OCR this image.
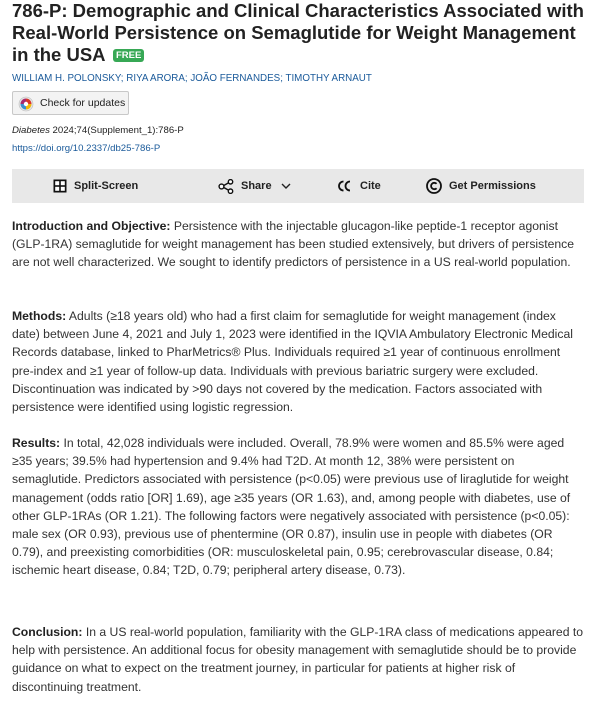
786-P: Demographic and Clinical Characteristics Associated with Real-World Persistence on Semaglutide for Weight Management in the USA FREE
WILLIAM H. POLONSKY; RIYA ARORA; JOÃO FERNANDES; TIMOTHY ARNAUT
Check for updates
Diabetes 2024;74(Supplement_1):786-P
https://doi.org/10.2337/db25-786-P
Split-Screen	Share	Cite	Get Permissions
Introduction and Objective: Persistence with the injectable glucagon-like peptide-1 receptor agonist (GLP-1RA) semaglutide for weight management has been studied extensively, but drivers of persistence are not well characterized. We sought to identify predictors of persistence in a US real-world population.
Methods: Adults (≥18 years old) who had a first claim for semaglutide for weight management (index date) between June 4, 2021 and July 1, 2023 were identified in the IQVIA Ambulatory Electronic Medical Records database, linked to PharMetrics® Plus. Individuals required ≥1 year of continuous enrollment pre-index and ≥1 year of follow-up data. Individuals with previous bariatric surgery were excluded. Discontinuation was indicated by >90 days not covered by the medication. Factors associated with persistence were identified using logistic regression.
Results: In total, 42,028 individuals were included. Overall, 78.9% were women and 85.5% were aged ≥35 years; 39.5% had hypertension and 9.4% had T2D. At month 12, 38% were persistent on semaglutide. Predictors associated with persistence (p<0.05) were previous use of liraglutide for weight management (odds ratio [OR] 1.69), age ≥35 years (OR 1.63), and, among people with diabetes, use of other GLP-1RAs (OR 1.21). The following factors were negatively associated with persistence (p<0.05): male sex (OR 0.93), previous use of phentermine (OR 0.87), insulin use in people with diabetes (OR 0.79), and preexisting comorbidities (OR: musculoskeletal pain, 0.95; cerebrovascular disease, 0.84; ischemic heart disease, 0.84; T2D, 0.79; peripheral artery disease, 0.73).
Conclusion: In a US real-world population, familiarity with the GLP-1RA class of medications appeared to help with persistence. An additional focus for obesity management with semaglutide should be to provide guidance on what to expect on the treatment journey, in particular for patients at higher risk of discontinuing treatment.
